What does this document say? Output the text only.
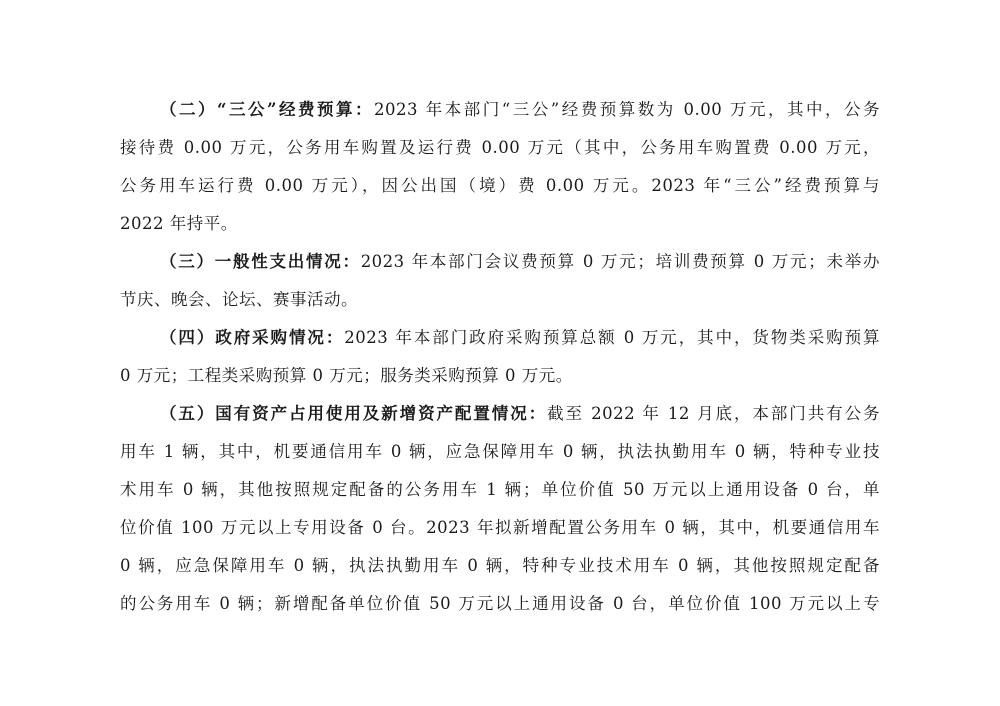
（二）“三公”经费预算：2023 年本部门“三公”经费预算数为 0.00 万元，其中，公务
接待费 0.00 万元，公务用车购置及运行费 0.00 万元（其中，公务用车购置费 0.00 万元，
公务用车运行费 0.00 万元），因公出国（境）费 0.00 万元。2023 年“三公”经费预算与
2022 年持平。
（三）一般性支出情况：2023 年本部门会议费预算 0 万元；培训费预算 0 万元；未举办
节庆、晚会、论坛、赛事活动。
（四）政府采购情况：2023 年本部门政府采购预算总额 0 万元，其中，货物类采购预算
0 万元；工程类采购预算 0 万元；服务类采购预算 0 万元。
（五）国有资产占用使用及新增资产配置情况：截至 2022 年 12 月底，本部门共有公务
用车 1 辆，其中，机要通信用车 0 辆，应急保障用车 0 辆，执法执勤用车 0 辆，特种专业技
术用车 0 辆，其他按照规定配备的公务用车 1 辆；单位价值 50 万元以上通用设备 0 台，单
位价值 100 万元以上专用设备 0 台。2023 年拟新增配置公务用车 0 辆，其中，机要通信用车
0 辆，应急保障用车 0 辆，执法执勤用车 0 辆，特种专业技术用车 0 辆，其他按照规定配备
的公务用车 0 辆；新增配备单位价值 50 万元以上通用设备 0 台，单位价值 100 万元以上专
